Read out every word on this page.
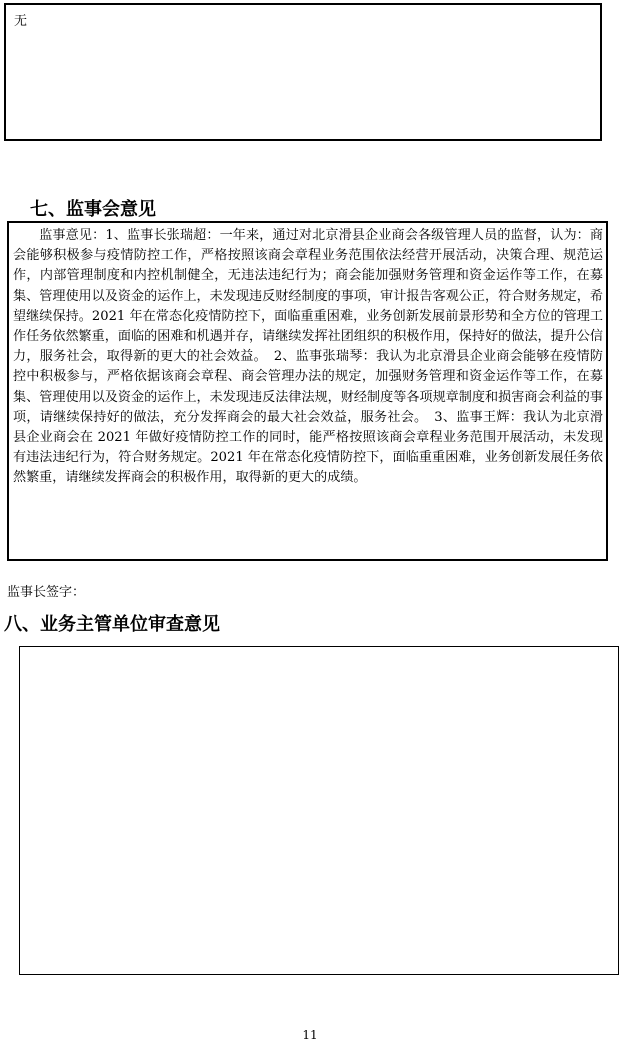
无
七、监事会意见
监事意见：1、监事长张瑞超：一年来，通过对北京滑县企业商会各级管理人员的监督，认为：商会能够积极参与疫情防控工作，严格按照该商会章程业务范围依法经营开展活动，决策合理、规范运作，内部管理制度和内控机制健全，无违法违纪行为；商会能加强财务管理和资金运作等工作，在募集、管理使用以及资金的运作上，未发现违反财经制度的事项，审计报告客观公正，符合财务规定，希望继续保持。2021 年在常态化疫情防控下，面临重重困难，业务创新发展前景形势和全方位的管理工作任务依然繁重，面临的困难和机遇并存，请继续发挥社团组织的积极作用，保持好的做法，提升公信力，服务社会，取得新的更大的社会效益。　2、监事张瑞琴：我认为北京滑县企业商会能够在疫情防控中积极参与，严格依据该商会章程、商会管理办法的规定，加强财务管理和资金运作等工作，在募集、管理使用以及资金的运作上，未发现违反法律法规，财经制度等各项规章制度和损害商会利益的事项，请继续保持好的做法，充分发挥商会的最大社会效益，服务社会。　3、监事王辉：我认为北京滑县企业商会在 2021 年做好疫情防控工作的同时，能严格按照该商会章程业务范围开展活动，未发现有违法违纪行为，符合财务规定。2021 年在常态化疫情防控下，面临重重困难，业务创新发展任务依然繁重，请继续发挥商会的积极作用，取得新的更大的成绩。
监事长签字：
八、业务主管单位审查意见
11
